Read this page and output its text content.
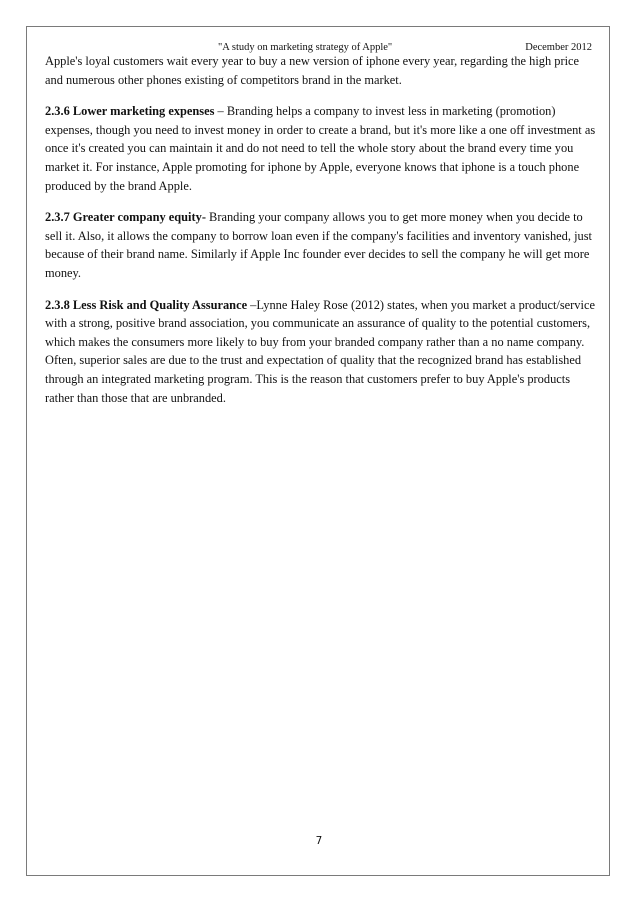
"A study on marketing strategy of Apple"	December 2012

Apple's loyal customers wait every year to buy a new version of iphone every year, regarding the high price and numerous other phones existing of competitors brand in the market.

2.3.6 Lower marketing expenses – Branding helps a company to invest less in marketing (promotion) expenses, though you need to invest money in order to create a brand, but it's more like a one off investment as once it's created you can maintain it and do not need to tell the whole story about the brand every time you market it. For instance, Apple promoting for iphone by Apple, everyone knows that iphone is a touch phone produced by the brand Apple.

2.3.7 Greater company equity- Branding your company allows you to get more money when you decide to sell it. Also, it allows the company to borrow loan even if the company's facilities and inventory vanished, just because of their brand name. Similarly if Apple Inc founder ever decides to sell the company he will get more money.

2.3.8 Less Risk and Quality Assurance –Lynne Haley Rose (2012) states, when you market a product/service with a strong, positive brand association, you communicate an assurance of quality to the potential customers, which makes the consumers more likely to buy from your branded company rather than a no name company. Often, superior sales are due to the trust and expectation of quality that the recognized brand has established through an integrated marketing program. This is the reason that customers prefer to buy Apple's products rather than those that are unbranded.

7
